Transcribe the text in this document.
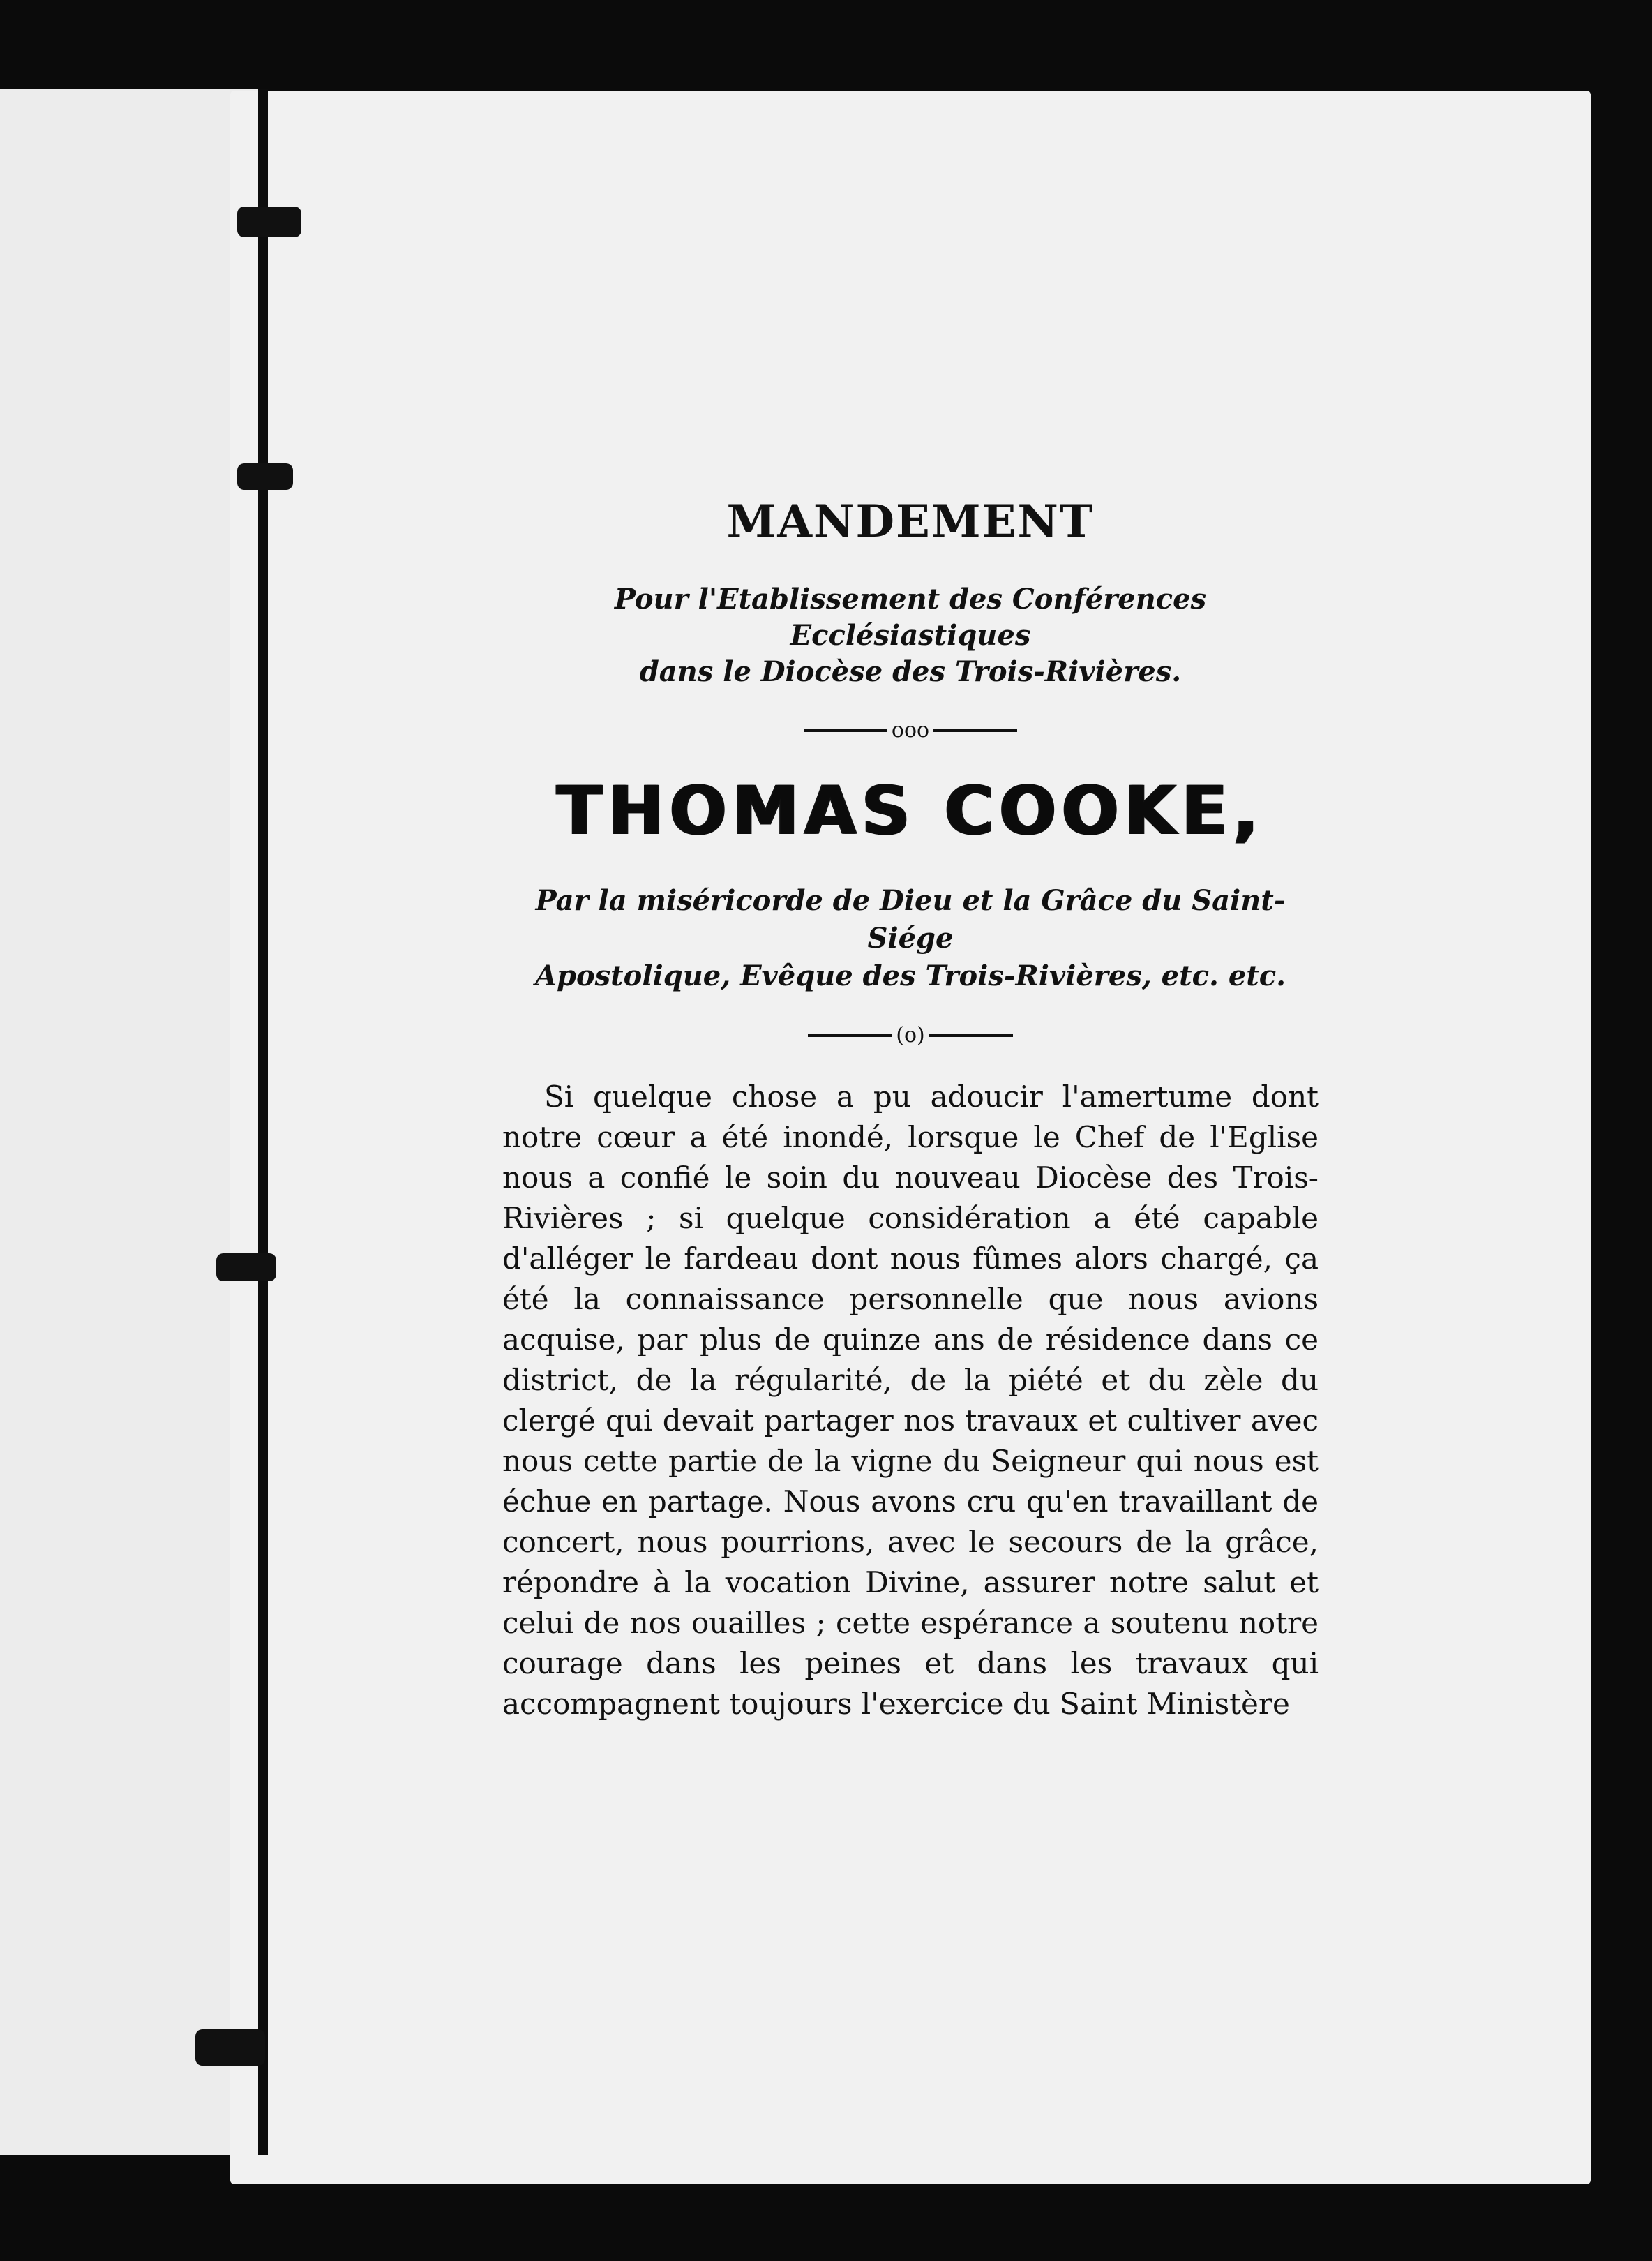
MANDEMENT
Pour l'Etablissement des Conférences Ecclésiastiques
dans le Diocèse des Trois-Rivières.
ooo
THOMAS COOKE,
Par la miséricorde de Dieu et la Grâce du Saint-Siége
Apostolique, Evêque des Trois-Rivières, etc. etc.
(o)

Si quelque chose a pu adoucir l'amertume dont notre cœur a été inondé, lorsque le Chef de l'Eglise nous a confié le soin du nouveau Diocèse des Trois-Rivières ; si quelque considération a été capable d'alléger le fardeau dont nous fûmes alors chargé, ça été la connaissance personnelle que nous avions acquise, par plus de quinze ans de résidence dans ce district, de la régularité, de la piété et du zèle du clergé qui devait partager nos travaux et cultiver avec nous cette partie de la vigne du Seigneur qui nous est échue en partage. Nous avons cru qu'en travaillant de concert, nous pourrions, avec le secours de la grâce, répondre à la vocation Divine, assurer notre salut et celui de nos ouailles ; cette espérance a soutenu notre courage dans les peines et dans les travaux qui accompagnent toujours l'exercice du Saint Ministère
